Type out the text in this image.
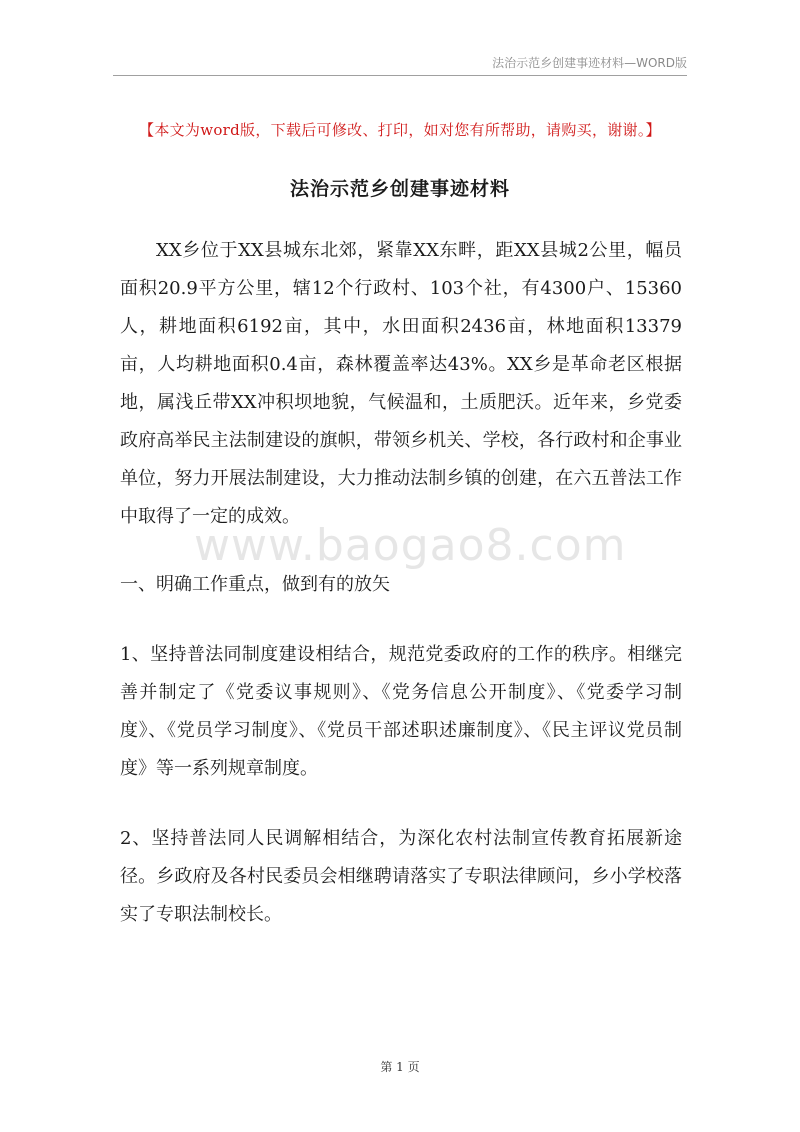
法治示范乡创建事迹材料—WORD版
【本文为word版，下载后可修改、打印，如对您有所帮助，请购买，谢谢。】
法治示范乡创建事迹材料

XX乡位于XX县城东北郊，紧靠XX东畔，距XX县城2公里，幅员面积20.9平方公里，辖12个行政村、103个社，有4300户、15360人，耕地面积6192亩，其中，水田面积2436亩，林地面积13379亩，人均耕地面积0.4亩，森林覆盖率达43%。XX乡是革命老区根据地，属浅丘带XX冲积坝地貌，气候温和，土质肥沃。近年来，乡党委政府高举民主法制建设的旗帜，带领乡机关、学校，各行政村和企事业单位，努力开展法制建设，大力推动法制乡镇的创建，在六五普法工作中取得了一定的成效。

一、明确工作重点，做到有的放矢

1、坚持普法同制度建设相结合，规范党委政府的工作的秩序。相继完善并制定了《党委议事规则》、《党务信息公开制度》、《党委学习制度》、《党员学习制度》、《党员干部述职述廉制度》、《民主评议党员制度》等一系列规章制度。

2、坚持普法同人民调解相结合，为深化农村法制宣传教育拓展新途径。乡政府及各村民委员会相继聘请落实了专职法律顾问，乡小学校落实了专职法制校长。

www.baogao8.com
第 1 页
